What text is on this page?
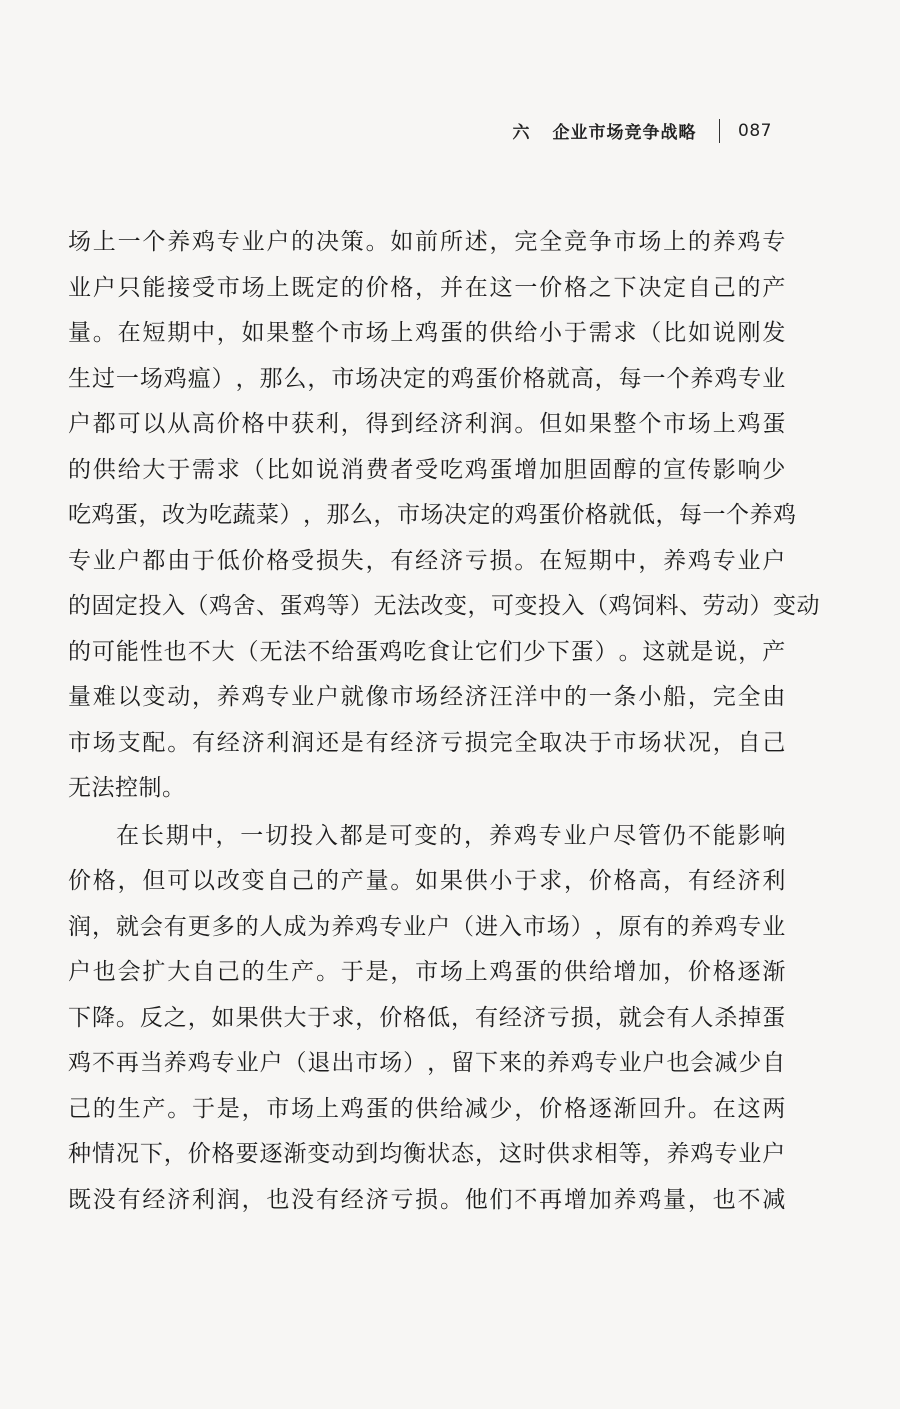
六 企业市场竞争战略 087
场 上 一 个 养 鸡 专 业 户 的 决 策 。 如 前 所 述 ， 完 全 竞 争 市 场 上 的 养 鸡 专
业 户 只 能 接 受 市 场 上 既 定 的 价 格 ， 并 在 这 一 价 格 之 下 决 定 自 己 的 产
量 。 在 短 期 中 ， 如 果 整 个 市 场 上 鸡 蛋 的 供 给 小 于 需 求 （ 比 如 说 刚 发
生 过 一 场 鸡 瘟 ） ， 那 么 ， 市 场 决 定 的 鸡 蛋 价 格 就 高 ， 每 一 个 养 鸡 专 业
户 都 可 以 从 高 价 格 中 获 利 ， 得 到 经 济 利 润 。 但 如 果 整 个 市 场 上 鸡 蛋
的 供 给 大 于 需 求 （ 比 如 说 消 费 者 受 吃 鸡 蛋 增 加 胆 固 醇 的 宣 传 影 响 少
吃 鸡 蛋 ， 改 为 吃 蔬 菜 ） ， 那 么 ， 市 场 决 定 的 鸡 蛋 价 格 就 低 ， 每 一 个 养 鸡
专 业 户 都 由 于 低 价 格 受 损 失 ， 有 经 济 亏 损 。 在 短 期 中 ， 养 鸡 专 业 户
的 固 定 投 入 （ 鸡 舍 、 蛋 鸡 等 ） 无 法 改 变 ， 可 变 投 入 （ 鸡 饲 料 、 劳 动 ） 变 动
的 可 能 性 也 不 大 （ 无 法 不 给 蛋 鸡 吃 食 让 它 们 少 下 蛋 ） 。 这 就 是 说 ， 产
量 难 以 变 动 ， 养 鸡 专 业 户 就 像 市 场 经 济 汪 洋 中 的 一 条 小 船 ， 完 全 由
市 场 支 配 。 有 经 济 利 润 还 是 有 经 济 亏 损 完 全 取 决 于 市 场 状 况 ， 自 己
无法控制。
在 长 期 中 ， 一 切 投 入 都 是 可 变 的 ， 养 鸡 专 业 户 尽 管 仍 不 能 影 响
价 格 ， 但 可 以 改 变 自 己 的 产 量 。 如 果 供 小 于 求 ， 价 格 高 ， 有 经 济 利
润 ， 就 会 有 更 多 的 人 成 为 养 鸡 专 业 户 （ 进 入 市 场 ） ， 原 有 的 养 鸡 专 业
户 也 会 扩 大 自 己 的 生 产 。 于 是 ， 市 场 上 鸡 蛋 的 供 给 增 加 ， 价 格 逐 渐
下 降 。 反 之 ， 如 果 供 大 于 求 ， 价 格 低 ， 有 经 济 亏 损 ， 就 会 有 人 杀 掉 蛋
鸡 不 再 当 养 鸡 专 业 户 （ 退 出 市 场 ） ， 留 下 来 的 养 鸡 专 业 户 也 会 减 少 自
己 的 生 产 。 于 是 ， 市 场 上 鸡 蛋 的 供 给 减 少 ， 价 格 逐 渐 回 升 。 在 这 两
种 情 况 下 ， 价 格 要 逐 渐 变 动 到 均 衡 状 态 ， 这 时 供 求 相 等 ， 养 鸡 专 业 户
既 没 有 经 济 利 润 ， 也 没 有 经 济 亏 损 。 他 们 不 再 增 加 养 鸡 量 ， 也 不 减
